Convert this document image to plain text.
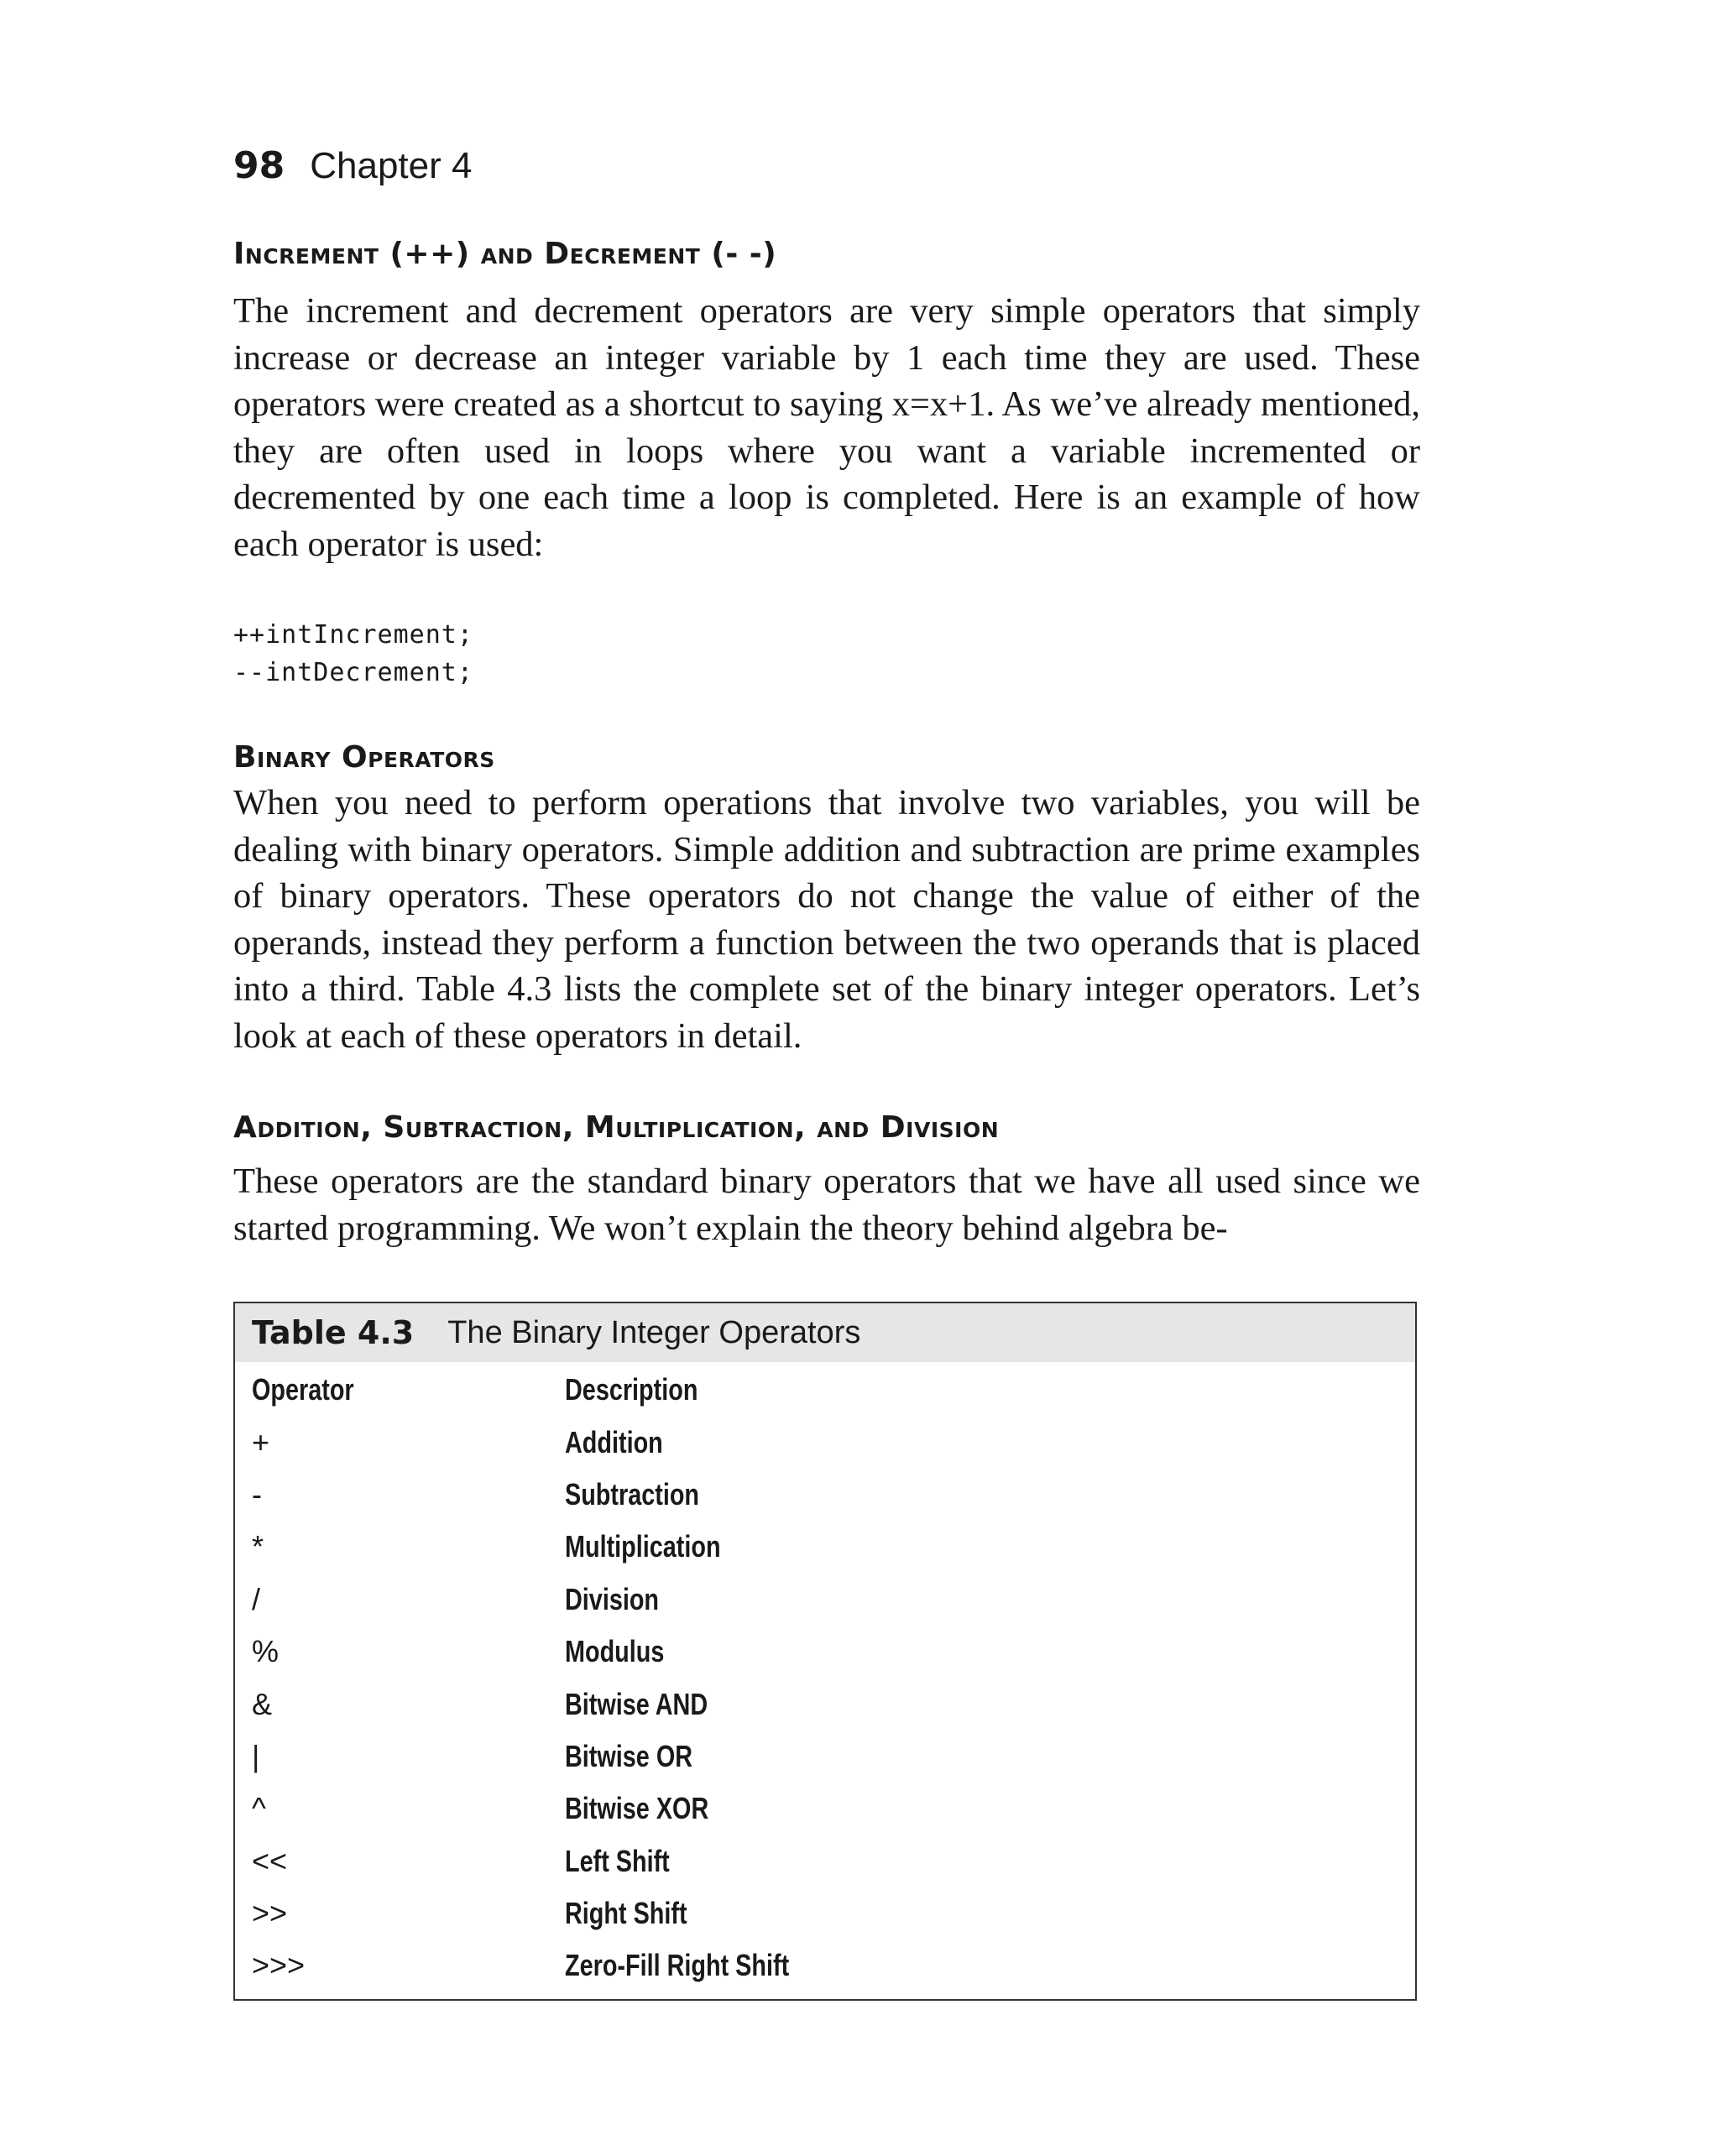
98 Chapter 4
Increment (++) and Decrement (- -)

The increment and decrement operators are very simple operators that simply increase or decrease an integer variable by 1 each time they are used. These operators were created as a shortcut to saying x=x+1. As we’ve already mentioned, they are often used in loops where you want a variable incremented or decremented by one each time a loop is completed. Here is an example of how each operator is used:

++intIncrement;
--intDecrement;
Binary Operators

When you need to perform operations that involve two variables, you will be dealing with binary operators. Simple addition and subtraction are prime examples of binary operators. These operators do not change the value of either of the operands, instead they perform a function between the two operands that is placed into a third. Table 4.3 lists the complete set of the binary integer operators. Let’s look at each of these operators in detail.

Addition, Subtraction, Multiplication, and Division

These operators are the standard binary operators that we have all used since we started programming. We won’t explain the theory behind algebra be-

Table 4.3 The Binary Integer Operators
Operator	Description
+	Addition
-	Subtraction
*	Multiplication
/	Division
%	Modulus
&	Bitwise AND
|	Bitwise OR
^	Bitwise XOR
<<	Left Shift
>>	Right Shift
>>>	Zero-Fill Right Shift
